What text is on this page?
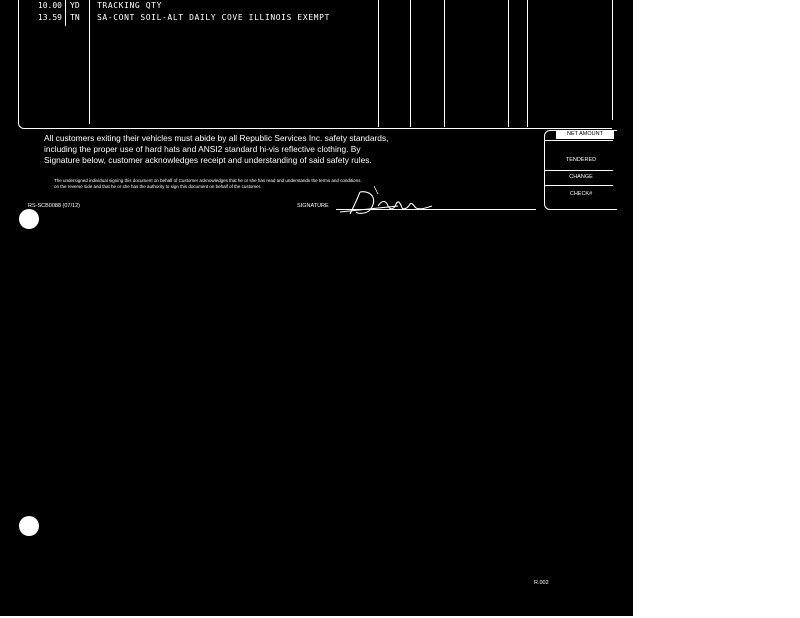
10.00 YD TRACKING QTY
13.59 TN SA-CONT SOIL-ALT DAILY COVE ILLINOIS EXEMPT
All customers exiting their vehicles must abide by all Republic Services Inc. safety standards,
including the proper use of hard hats and ANSI2 standard hi-vis reflective clothing. By
Signature below, customer acknowledges receipt and understanding of said safety rules.
The undersigned individual signing this document on behalf of Customer acknowledges that he or she has read and understands the terms and conditions
on the reverse side and that he or she has the authority to sign this document on behalf of the customer.
RS-SCB0088 (07/12)	SIGNATURE
NET AMOUNT
TENDERED
CHANGE
CHECK#
R.002
